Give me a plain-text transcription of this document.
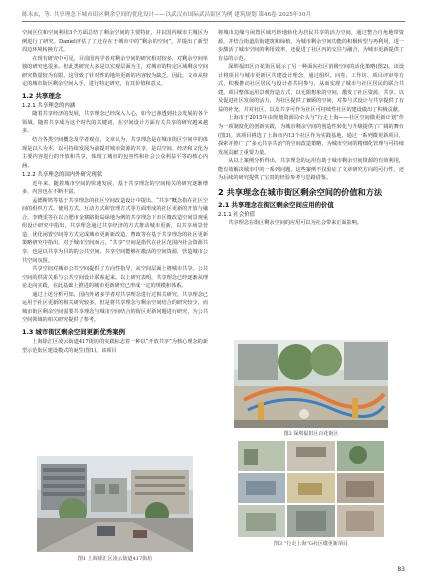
陈未玄，等. 共享理念下城市街区剩余空间的优化设计——以武汉市国际武昌街区为例 建筑规划 第46卷 2025年10月

空间区位和空间利用3个方面总结了剩余空间的主要特征，并以国内城市主城区为例进行了研究。Daniel评估了了迁存在于城市中的“剩余的空间”，并提出了新型周边环境转换方式。

在现有研究中可见，目前国内学者对剩余空间的研究相对较多，对剩余空间单独的研究也很多。但此类研究大多是以宏观层面为主，对城市的特定区域剩余空间研究数量较为有限，这导致了针对性的地块更新的内容较为缺乏。因此，文章从特定的城市街区剩余空间入手，进行特定研究，有其价值和意义。

1.2 共享理念
1.2.1 共享理念的内涵

随着共享经济的发展，共享理念已经深入人心，如今已渗透到社会发展的各个领域。随着共享成为这个时代的关键词，在空间设计方面有关共享的研究越来越多。

结合各类空间概念及学者观点，文章认为，共享理念是在城市街区空间中的体现是以人为本，以可持续发展为前提对城市资源的共享，是以空间、经济和文化为主要内容进行的开放和共享，体现了城市的包容性和社会公众利益平等的核心内涵。

1.2.2 共享理念的国内外研究现状

近年来，随着城市空间的快速发展，基于共享理念的空间相关的研究逐渐增多，内容也在不断丰富。

孟德斯鸠等基于共享理念的社区空间改造设计中提出，“共享”概念指在社区空间的组织方式、使用方式、互动方式和管理方式等方面形成的社区更新的开放与融合。李晓雯等在以合肥市金寨路街岛绿地为例的共享理念下市区微改造空间景观重组设计研究中指出，共享理念通过共享经济的方式推动城市更新，以共享场景营造，优化闲置空间等方式完成城市更新新改造。曹政等在基于共享理念的社区更新策略研究中指出，对于城市空间而言，“共享”空间是指代在社区范围内社会资源共享，也是以共享为目的的公共空间。共享空间能够在激活的空间资源，营造城市公共空间氛围。

共享空间对城市公共空间提供了方向性指导，从空间层面上将城市共享、公共空间的供需关系与公共空间设计联系起来。以上研究表明，共享理念已经逐渐从理论走向实践，在此基础上推进的城市更新研究已形成一定的规模和体系。

通过上述分析可知，国内外诸多学者对共享理念进行过相关研究，共享理念已运用于社区更新的相关研究较多。但是将共享理念与剩余空间结合的研究较少，而城市街区剩余空间需要共享理念与城市空间结合的街区更新问题进行研究，为公共空间领域的相关研究提供了参考。

1.3 城市街区剩余空间更新优秀案例

上海徐汇区凌云街道417街坊的实践标志着一种以“开放共享”为核心理念的新型示范街区建设模式的诞生(图1)。该项目

图1 上海徐汇区凌云街道417街坊

将城市边缘与闲置区域巧妙地转化为居民共享的活力空间，通过整合自角地带资源，并结合街道沿街建筑和绿植，为城市剩余空间功能的积极转型与再利用，进一步激活了城市空间的利用效率，还促进了社区内的交往与融合，为城市更新提供了有益的示范。

深圳福田区百花街区展示了另一种面向社区消极空间的活化策略(图2)。该设计将项目与城市更新区共建设计理念，通过组织、问卷、工作坊、项目评审等方式，积极推动社区居民与设计者共同参与，从而实现了城市与社区居民的联合共建。项目整体运用景观营造方式，以无限想象的空间，激发了社区资源，共享。以及促进社区发展的活力，为社区提供了兼顾的空间，对参与式设计与共享提供了有益的补充。并对社区，以及共享可作为社区可持续性社区的建设做出了积极贡献。

上海市于2015年由规划资源局牵头与“行走上海——社区空间微更新计划”作为一项制度化的创新实践，为城市剩余空间的创造性转化与升级提供了广阔的舞台(图3)。该项目挑选了上海市内13个社区作为实践基地，通过一系列微更新项目，探索并推广了“多元共享共治”的空间改造策略，为城市空间的精细化管理与可持续发展贡献了重要力量。

从以上案例分析得出，共享理念的运用有助于城市剩余空间资源的有效利用，能有效解决城市中的一系列问题。这些案例不仅验证了文章研究方向的可行性，还为后续的研究提供了宝贵的经验参考与思路借鉴。

2 共享理念在城市街区剩余空间的价值和方法
2.1 共享理念在街区剩余空间应用的价值
2.1.1 社会价值

共享理念在街区剩余空间的应用可以为社会带来正面影响。

图2 深圳福田区百花街区
图3 “行走上海”G社区微更新项目
83
